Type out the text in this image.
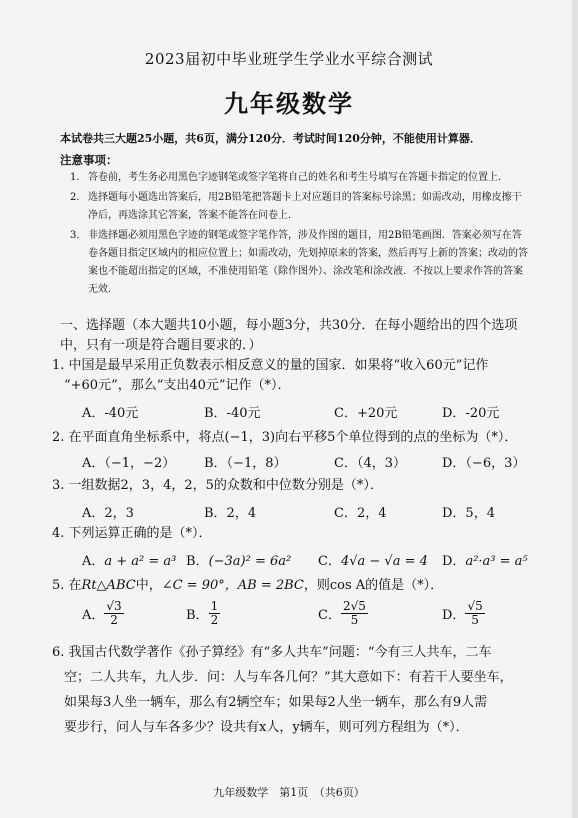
2023届初中毕业班学生学业水平综合测试
九年级数学
本试卷共三大题25小题，共6页，满分120分．考试时间120分钟，不能使用计算器．
注意事项：
1. 答卷前，考生务必用黑色字迹钢笔或签字笔将自己的姓名和考生号填写在答题卡指定的位置上．
2. 选择题每小题选出答案后，用2B铅笔把答题卡上对应题目的答案标号涂黑；如需改动，用橡皮擦干净后，再选涂其它答案，答案不能答在问卷上．
3. 非选择题必须用黑色字迹的钢笔或签字笔作答，涉及作图的题目，用2B铅笔画图．答案必须写在答卷各题目指定区域内的相应位置上；如需改动，先划掉原来的答案，然后再写上新的答案；改动的答案也不能超出指定的区域，不准使用铅笔（除作图外）、涂改笔和涂改液．不按以上要求作答的答案无效．
一、选择题（本大题共10小题，每小题3分，共30分．在每小题给出的四个选项中，只有一项是符合题目要求的．）
1. 中国是最早采用正负数表示相反意义的量的国家．如果将“收入60元”记作
“+60元”，那么“支出40元”记作（*）．
A．-40元	B．-40元	C．+20元	D．-20元
2. 在平面直角坐标系中，将点(−1，3)向右平移5个单位得到的点的坐标为（*）．
A．（−1，−2） B．（−1，8）	C．（4，3）	D．（−6，3）
3. 一组数据2，3，4，2，5的众数和中位数分别是（*）．
A．2，3	B．2，4	C．2，4	D．5，4
4. 下列运算正确的是（*）．
A．a + a² = a³ B．(−3a)² = 6a² C．4√a − √a = 4 D．a²·a³ = a⁵
5. 在Rt△ABC中，∠C = 90°，AB = 2BC，则cos A的值是（*）．
A． $\frac{√3}{2}$	B． $\frac{1}{2}$	C． $\frac{2√5}{5}$	D． $\frac{√5}{5}$
6. 我国古代数学著作《孙子算经》有“多人共车”问题：“今有三人共车，二车
空；二人共车，九人步．问：人与车各几何？”其大意如下：有若干人要坐车，
如果每3人坐一辆车，那么有2辆空车；如果每2人坐一辆车，那么有9人需
要步行，问人与车各多少？设共有x人，y辆车，则可列方程组为（*）．
九年级数学　第1页　（共6页）
